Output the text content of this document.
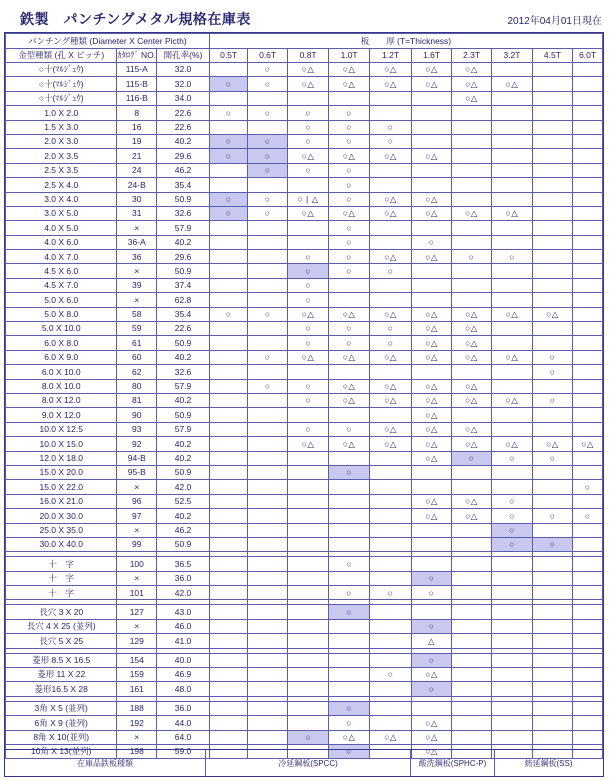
鉄製　パンチングメタル規格在庫表	2012年04月01日現在
パンチング種類 (Diameter X Center Picth)			板　　厚 (T=Thickness)									
金型種類 (孔 X ピッチ)	ｶﾀﾛｸﾞ NO.	開孔率(%)	0.5T	0.6T	0.8T	1.0T	1.2T	1.6T	2.3T	3.2T	4.5T	6.0T
○十(ﾏﾙｼﾞｭｳ)	115-A	32.0		○	○△	○△	○△	○△	○△			
○十(ﾏﾙｼﾞｭｳ)	115-B	32.0	○	○	○△	○△	○△	○△	○△	○△		
○十(ﾏﾙｼﾞｭｳ)	116-B	34.0							○△			
1.0 X 2.0	8	22.6	○	○	○	○						
1.5 X 3.0	16	22.6			○	○	○					
2.0 X 3.0	19	40.2	○	○	○	○	○					
2.0 X 3.5	21	29.6	○	○	○△	○△	○△	○△				
2.5 X 3.5	24	46.2		○	○	○						
2.5 X 4.0	24-B	35.4				○						
3.0 X 4.0	30	50.9	○	○	○ | △	○	○△	○△				
3.0 X 5.0	31	32.6	○	○	○△	○△	○△	○△	○△	○△		
4.0 X 5.0	×	57.9				○						
4.0 X 6.0	36-A	40.2				○		○				
4.0 X 7.0	36	29.6			○	○	○△	○△	○	○		
4.5 X 6.0	×	50.9			○	○	○					
4.5 X 7.0	39	37.4			○							
5.0 X 6.0	×	62.8			○							
5.0 X 8.0	58	35.4	○	○	○△	○△	○△	○△	○△	○△	○△	
5.0 X 10.0	59	22.6			○	○	○	○△	○△			
6.0 X 8.0	61	50.9			○	○	○	○△	○△			
6.0 X 9.0	60	40.2		○	○△	○△	○△	○△	○△	○△	○	
6.0 X 10.0	62	32.6									○	
8.0 X 10.0	80	57.9		○	○	○△	○△	○△	○△			
8.0 X 12.0	81	40.2			○	○△	○△	○△	○△	○△	○	
9.0 X 12.0	90	50.9						○△				
10.0 X 12.5	93	57.9			○	○	○△	○△	○△			
10.0 X 15.0	92	40.2			○△	○△	○△	○△	○△	○△	○△	○△
12.0 X 18.0	94-B	40.2						○△	○	○	○	
15.0 X 20.0	95-B	50.9				○						
15.0 X 22.0	×	42.0										○
16.0 X 21.0	96	52.5						○△	○△	○		
20.0 X 30.0	97	40.2						○△	○△	○	○	○
25.0 X 35.0	×	46.2								○		
30.0 X 40.0	99	50.9								○	○	

十　字	100	36.5				○						
十　字	×	36.0						○				
十　字	101	42.0				○	○	○				

長穴 3 X 20	127	43.0				○						
長穴 4 X 25 (並列)	×	46.0						○				
長穴 5 X 25	129	41.0						△				

菱形 8.5 X 16.5	154	40.0						○				
菱形 11 X 22	159	46.9					○	○△				
菱形16.5 X 28	161	48.0						○				

3角 X 5 (並列)	188	36.0				○						
6角 X 9 (並列)	192	44.0				○		○△				
8角 X 10(並列)	×	64.0			○	○△	○△	○△				
10角 X 13(並列)	198	59.0				○		○△				
在庫品鉄板種類	冷延鋼板(SPCC)	酸洗鋼板(SPHC-P)	熱延鋼板(SS)
